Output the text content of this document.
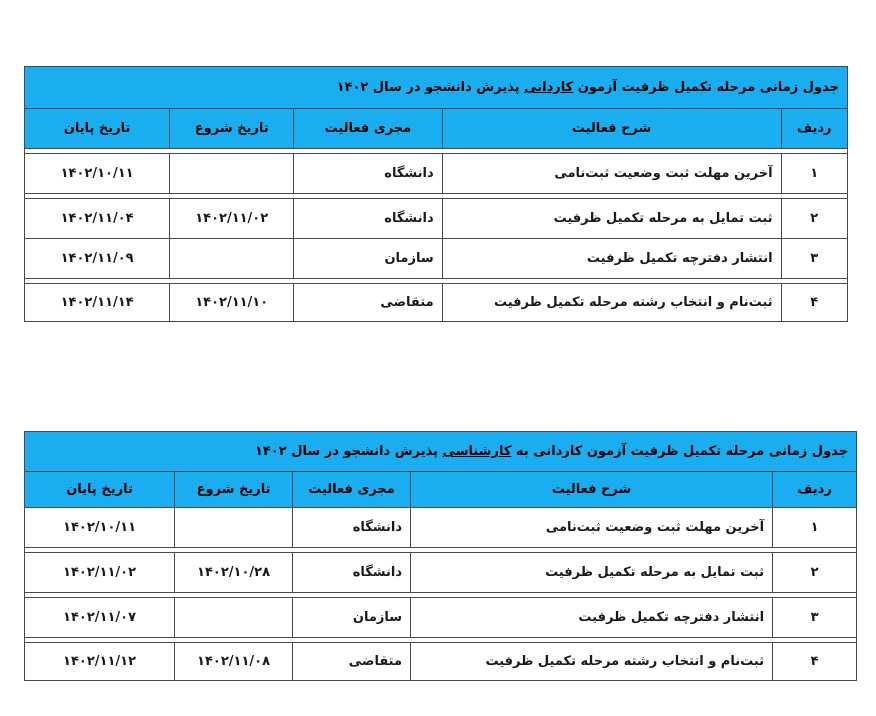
جدول زمانی مرحله تکمیل ظرفیت آزمون کاردانی پذیرش دانشجو در سال ۱۴۰۲				
ردیف	شرح فعالیت	مجری فعالیت	تاریخ شروع	تاریخ پایان

۱	آخرین مهلت ثبت وضعیت ثبت‌نامی	دانشگاه		۱۴۰۲/۱۰/۱۱

۲	ثبت تمایل به مرحله تکمیل ظرفیت	دانشگاه	۱۴۰۲/۱۱/۰۲	۱۴۰۲/۱۱/۰۴
۳	انتشار دفترچه تکمیل ظرفیت	سازمان		۱۴۰۲/۱۱/۰۹

۴	ثبت‌نام و انتخاب رشته مرحله تکمیل ظرفیت	متقاضی	۱۴۰۲/۱۱/۱۰	۱۴۰۲/۱۱/۱۴
جدول زمانی مرحله تکمیل ظرفیت آزمون کاردانی به کارشناسی پذیرش دانشجو در سال ۱۴۰۲				
ردیف	شرح فعالیت	مجری فعالیت	تاریخ شروع	تاریخ پایان
۱	آخرین مهلت ثبت وضعیت ثبت‌نامی	دانشگاه		۱۴۰۲/۱۰/۱۱

۲	ثبت تمایل به مرحله تکمیل ظرفیت	دانشگاه	۱۴۰۲/۱۰/۲۸	۱۴۰۲/۱۱/۰۲

۳	انتشار دفترچه تکمیل ظرفیت	سازمان		۱۴۰۲/۱۱/۰۷

۴	ثبت‌نام و انتخاب رشته مرحله تکمیل ظرفیت	متقاضی	۱۴۰۲/۱۱/۰۸	۱۴۰۲/۱۱/۱۲
